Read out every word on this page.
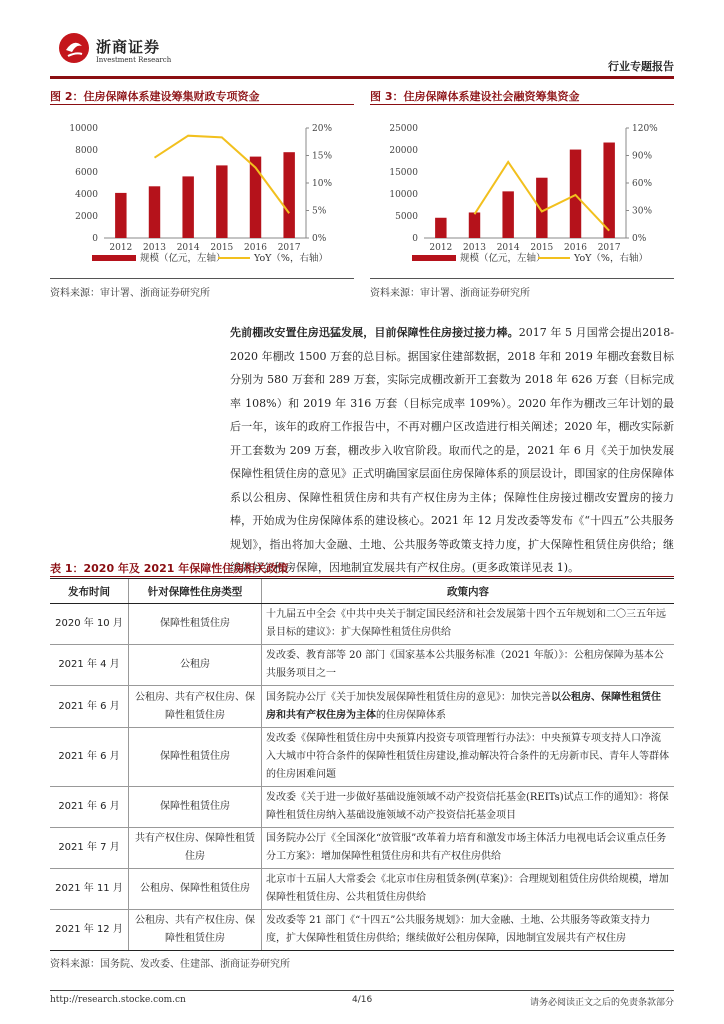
浙商证券
Investment Research	行业专题报告
图 2：住房保障体系建设筹集财政专项资金
0
2000
4000
6000
8000
10000
0%
5%
10%
15%
20%
2012 2013 2014 2015 2016 2017
规模（亿元，左轴）	YoY（%，右轴）
资料来源：审计署、浙商证券研究所
图 3：住房保障体系建设社会融资筹集资金
0
5000
10000
15000
20000
25000
0%
30%
60%
90%
120%
2012 2013 2014 2015 2016 2017
规模（亿元，左轴）	YoY（%，右轴）
资料来源：审计署、浙商证券研究所
先前棚改安置住房迅猛发展，目前保障性住房接过接力棒。2017 年 5 月国常会提出2018-2020 年棚改 1500 万套的总目标。据国家住建部数据，2018 年和 2019 年棚改套数目标分别为 580 万套和 289 万套，实际完成棚改新开工套数为 2018 年 626 万套（目标完成率 108%）和 2019 年 316 万套（目标完成率 109%）。2020 年作为棚改三年计划的最后一年，该年的政府工作报告中，不再对棚户区改造进行相关阐述；2020 年，棚改实际新开工套数为 209 万套，棚改步入收官阶段。取而代之的是，2021 年 6 月《关于加快发展保障性租赁住房的意见》正式明确国家层面住房保障体系的顶层设计，即国家的住房保障体系以公租房、保障性租赁住房和共有产权住房为主体；保障性住房接过棚改安置房的接力棒，开始成为住房保障体系的建设核心。2021 年 12 月发改委等发布《“十四五”公共服务规划》，指出将加大金融、土地、公共服务等政策支持力度，扩大保障性租赁住房供给；继续做好公租房保障，因地制宜发展共有产权住房。(更多政策详见表 1)。
表 1：2020 年及 2021 年保障性住房相关政策
发布时间	针对保障性住房类型	政策内容
2020 年 10 月	保障性租赁住房	十九届五中全会《中共中央关于制定国民经济和社会发展第十四个五年规划和二〇三五年远景目标的建议》：扩大保障性租赁住房供给
2021 年 4 月	公租房	发改委、教育部等 20 部门《国家基本公共服务标准（2021 年版）》：公租房保障为基本公共服务项目之一
2021 年 6 月	公租房、共有产权住房、保障性租赁住房	国务院办公厅《关于加快发展保障性租赁住房的意见》：加快完善以公租房、保障性租赁住房和共有产权住房为主体的住房保障体系
2021 年 6 月	保障性租赁住房	发改委《保障性租赁住房中央预算内投资专项管理暂行办法》：中央预算专项支持人口净流入大城市中符合条件的保障性租赁住房建设,推动解决符合条件的无房新市民、青年人等群体的住房困难问题
2021 年 6 月	保障性租赁住房	发改委《关于进一步做好基础设施领域不动产投资信托基金(REITs)试点工作的通知》：将保障性租赁住房纳入基础设施领域不动产投资信托基金项目
2021 年 7 月	共有产权住房、保障性租赁住房	国务院办公厅《全国深化“放管服”改革着力培育和激发市场主体活力电视电话会议重点任务分工方案》：增加保障性租赁住房和共有产权住房供给
2021 年 11 月	公租房、保障性租赁住房	北京市十五届人大常委会《北京市住房租赁条例(草案)》：合理规划租赁住房供给规模，增加保障性租赁住房、公共租赁住房供给
2021 年 12 月	公租房、共有产权住房、保障性租赁住房	发改委等 21 部门《“十四五”公共服务规划》：加大金融、土地、公共服务等政策支持力度，扩大保障性租赁住房供给；继续做好公租房保障，因地制宜发展共有产权住房
资料来源：国务院、发改委、住建部、浙商证券研究所
http://research.stocke.com.cn	4/16	请务必阅读正文之后的免责条款部分
